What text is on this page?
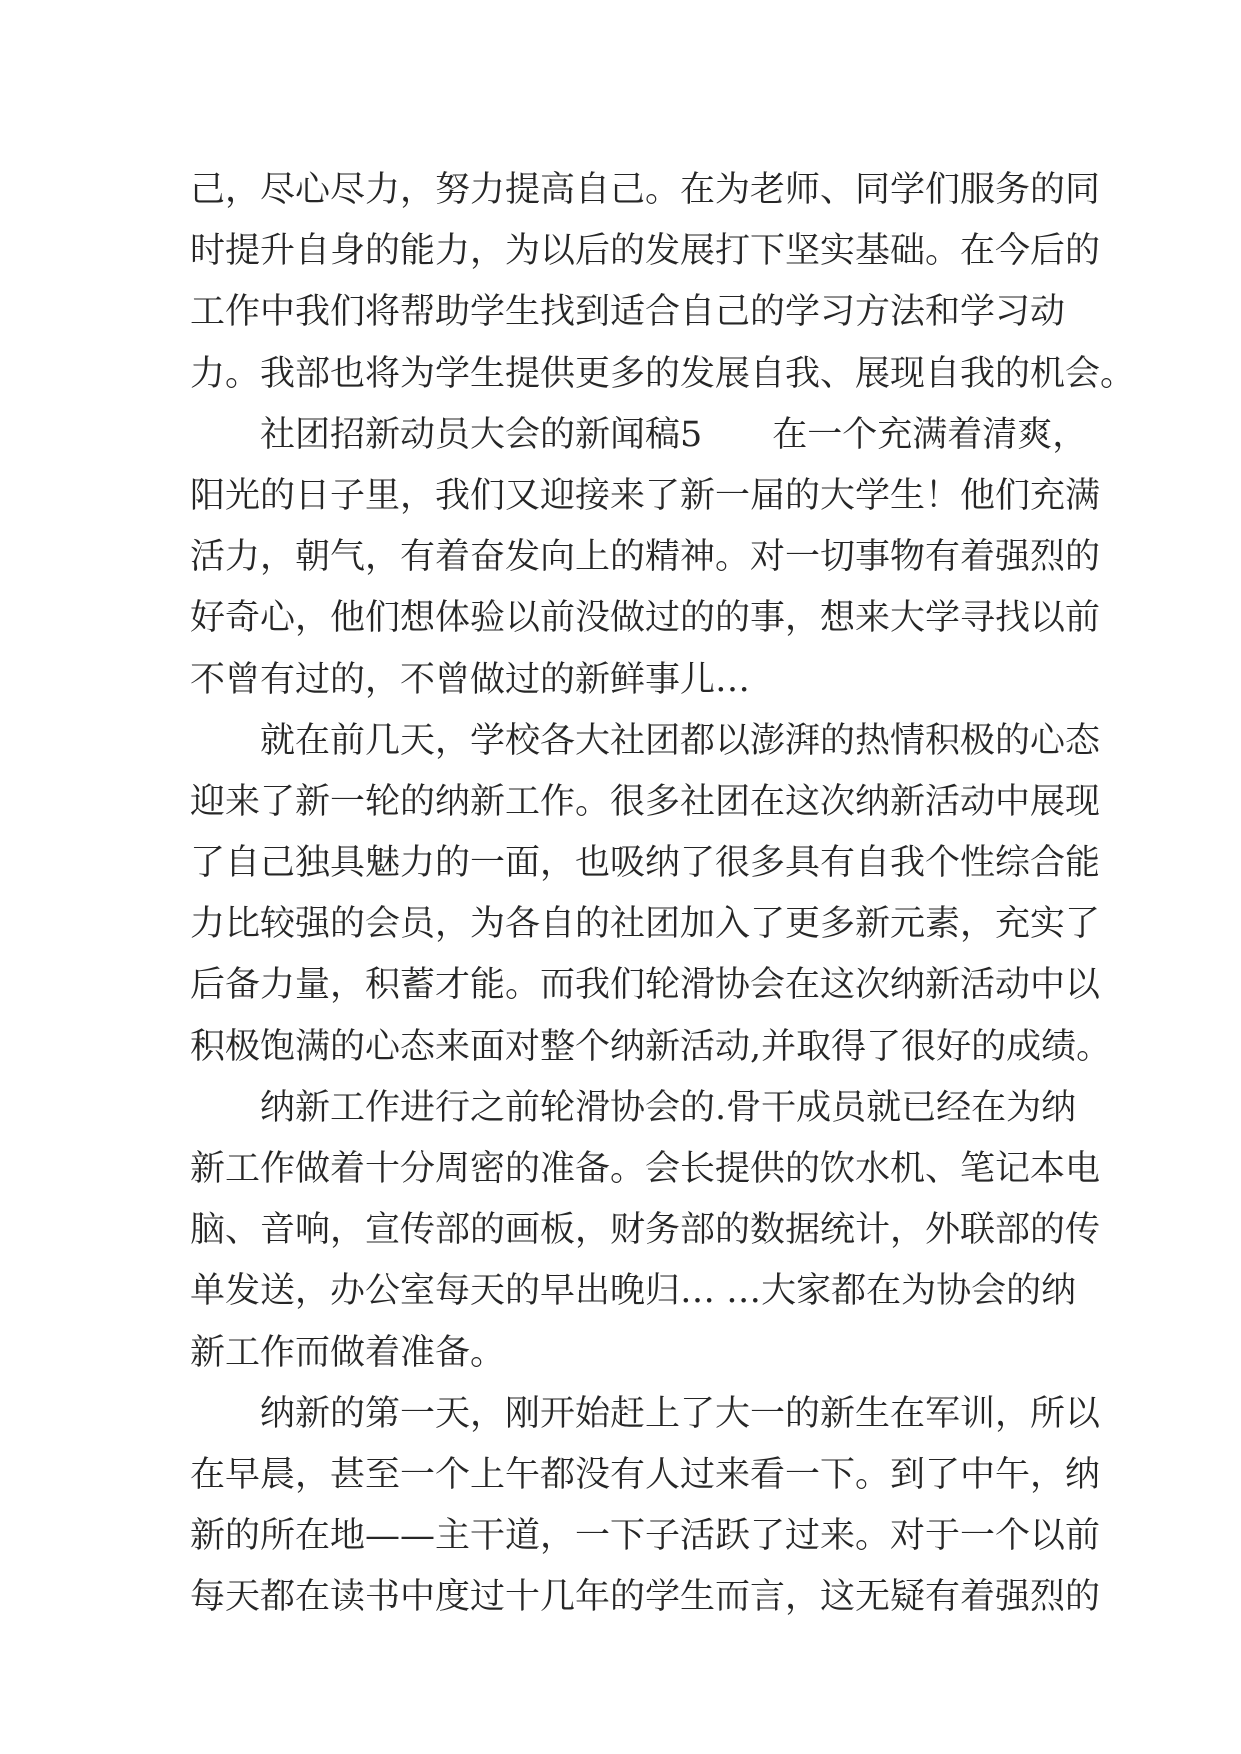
己，尽心尽力，努力提高自己。在为老师、同学们服务的同
时提升自身的能力，为以后的发展打下坚实基础。在今后的
工作中我们将帮助学生找到适合自己的学习方法和学习动
力。我部也将为学生提供更多的发展自我、展现自我的机会。
社团招新动员大会的新闻稿5　　在一个充满着清爽，
阳光的日子里，我们又迎接来了新一届的大学生！他们充满
活力，朝气，有着奋发向上的精神。对一切事物有着强烈的
好奇心，他们想体验以前没做过的的事，想来大学寻找以前
不曾有过的，不曾做过的新鲜事儿…
就在前几天，学校各大社团都以澎湃的热情积极的心态
迎来了新一轮的纳新工作。很多社团在这次纳新活动中展现
了自己独具魅力的一面，也吸纳了很多具有自我个性综合能
力比较强的会员，为各自的社团加入了更多新元素，充实了
后备力量，积蓄才能。而我们轮滑协会在这次纳新活动中以
积极饱满的心态来面对整个纳新活动,并取得了很好的成绩。
纳新工作进行之前轮滑协会的.骨干成员就已经在为纳
新工作做着十分周密的准备。会长提供的饮水机、笔记本电
脑、音响，宣传部的画板，财务部的数据统计，外联部的传
单发送，办公室每天的早出晚归… …大家都在为协会的纳
新工作而做着准备。
纳新的第一天，刚开始赶上了大一的新生在军训，所以
在早晨，甚至一个上午都没有人过来看一下。到了中午，纳
新的所在地——主干道，一下子活跃了过来。对于一个以前
每天都在读书中度过十几年的学生而言，这无疑有着强烈的
